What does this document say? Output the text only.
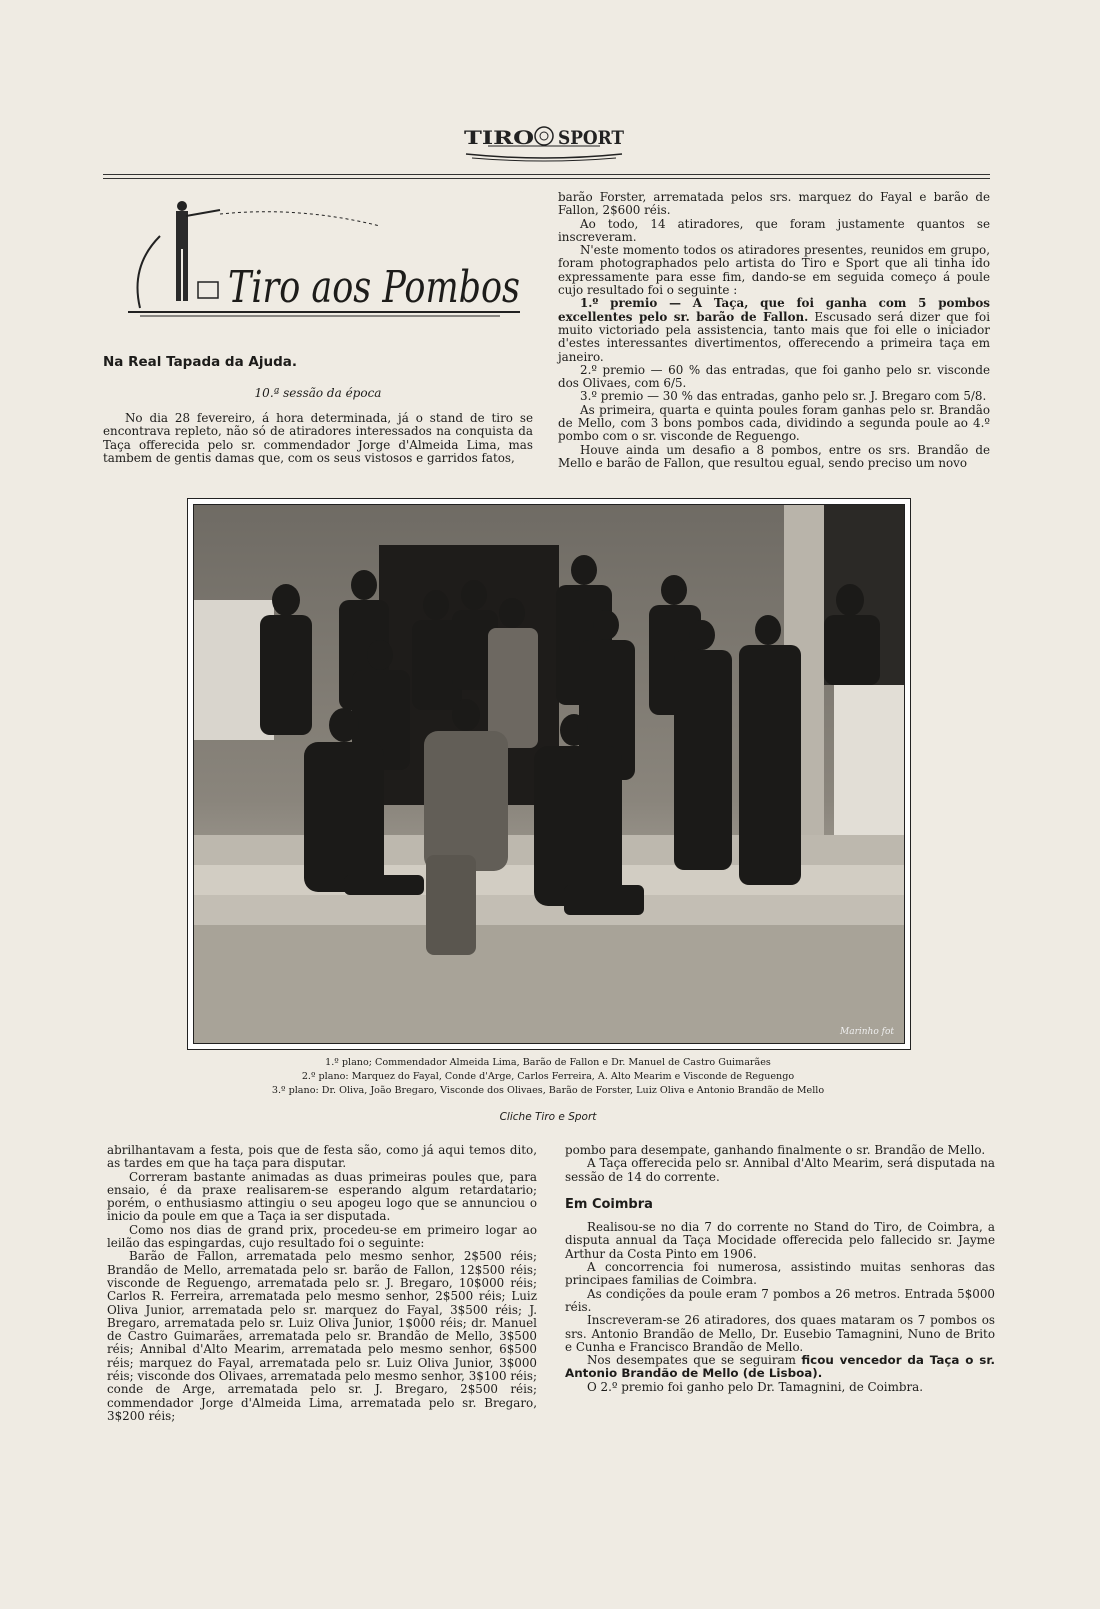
TIRO SPORT
Tiro aos Pombos
Na Real Tapada da Ajuda.
10.ª sessão da época

No dia 28 fevereiro, á hora determinada, já o stand de tiro se encontrava repleto, não só de atiradores interessados na conquista da Taça offerecida pelo sr. commendador Jorge d'Almeida Lima, mas tambem de gentis damas que, com os seus vistosos e garridos fatos,

barão Forster, arrematada pelos srs. marquez do Fayal e barão de Fallon, 2$600 réis.

Ao todo, 14 atiradores, que foram justamente quantos se inscreveram.

N'este momento todos os atiradores presentes, reunidos em grupo, foram photographados pelo artista do Tiro e Sport que ali tinha ido expressamente para esse fim, dando-se em seguida começo á poule cujo resultado foi o seguinte :

1.º premio — A Taça, que foi ganha com 5 pombos excellentes pelo sr. barão de Fallon. Escusado será dizer que foi muito victoriado pela assistencia, tanto mais que foi elle o iniciador d'estes interessantes divertimentos, offerecendo a primeira taça em janeiro.

2.º premio — 60 % das entradas, que foi ganho pelo sr. visconde dos Olivaes, com 6/5.

3.º premio — 30 % das entradas, ganho pelo sr. J. Bregaro com 5/8.

As primeira, quarta e quinta poules foram ganhas pelo sr. Brandão de Mello, com 3 bons pombos cada, dividindo a segunda poule ao 4.º pombo com o sr. visconde de Reguengo.

Houve ainda um desafio a 8 pombos, entre os srs. Brandão de Mello e barão de Fallon, que resultou egual, sendo preciso um novo

Marinho fot
1.º plano; Commendador Almeida Lima, Barão de Fallon e Dr. Manuel de Castro Guimarães
2.º plano: Marquez do Fayal, Conde d'Arge, Carlos Ferreira, A. Alto Mearim e Visconde de Reguengo
3.º plano: Dr. Oliva, João Bregaro, Visconde dos Olivaes, Barão de Forster, Luiz Oliva e Antonio Brandão de Mello
Cliche Tiro e Sport

abrilhantavam a festa, pois que de festa são, como já aqui temos dito, as tardes em que ha taça para disputar.

Correram bastante animadas as duas primeiras poules que, para ensaio, é da praxe realisarem-se esperando algum retardatario; porém, o enthusiasmo attingiu o seu apogeu logo que se annunciou o inicio da poule em que a Taça ia ser disputada.

Como nos dias de grand prix, procedeu-se em primeiro logar ao leilão das espingardas, cujo resultado foi o seguinte:

Barão de Fallon, arrematada pelo mesmo senhor, 2$500 réis; Brandão de Mello, arrematada pelo sr. barão de Fallon, 12$500 réis; visconde de Reguengo, arrematada pelo sr. J. Bregaro, 10$000 réis; Carlos R. Ferreira, arrematada pelo mesmo senhor, 2$500 réis; Luiz Oliva Junior, arrematada pelo sr. marquez do Fayal, 3$500 réis; J. Bregaro, arrematada pelo sr. Luiz Oliva Junior, 1$000 réis; dr. Manuel de Castro Guimarães, arrematada pelo sr. Brandão de Mello, 3$500 réis; Annibal d'Alto Mearim, arrematada pelo mesmo senhor, 6$500 réis; marquez do Fayal, arrematada pelo sr. Luiz Oliva Junior, 3$000 réis; visconde dos Olivaes, arrematada pelo mesmo senhor, 3$100 réis; conde de Arge, arrematada pelo sr. J. Bregaro, 2$500 réis; commendador Jorge d'Almeida Lima, arrematada pelo sr. Bregaro, 3$200 réis;

pombo para desempate, ganhando finalmente o sr. Brandão de Mello.

A Taça offerecida pelo sr. Annibal d'Alto Mearim, será disputada na sessão de 14 do corrente.

Em Coimbra

Realisou-se no dia 7 do corrente no Stand do Tiro, de Coimbra, a disputa annual da Taça Mocidade offerecida pelo fallecido sr. Jayme Arthur da Costa Pinto em 1906.

A concorrencia foi numerosa, assistindo muitas senhoras das principaes familias de Coimbra.

As condições da poule eram 7 pombos a 26 metros. Entrada 5$000 réis.

Inscreveram-se 26 atiradores, dos quaes mataram os 7 pombos os srs. Antonio Brandão de Mello, Dr. Eusebio Tamagnini, Nuno de Brito e Cunha e Francisco Brandão de Mello.

Nos desempates que se seguiram ficou vencedor da Taça o sr. Antonio Brandão de Mello (de Lisboa).

O 2.º premio foi ganho pelo Dr. Tamagnini, de Coimbra.
